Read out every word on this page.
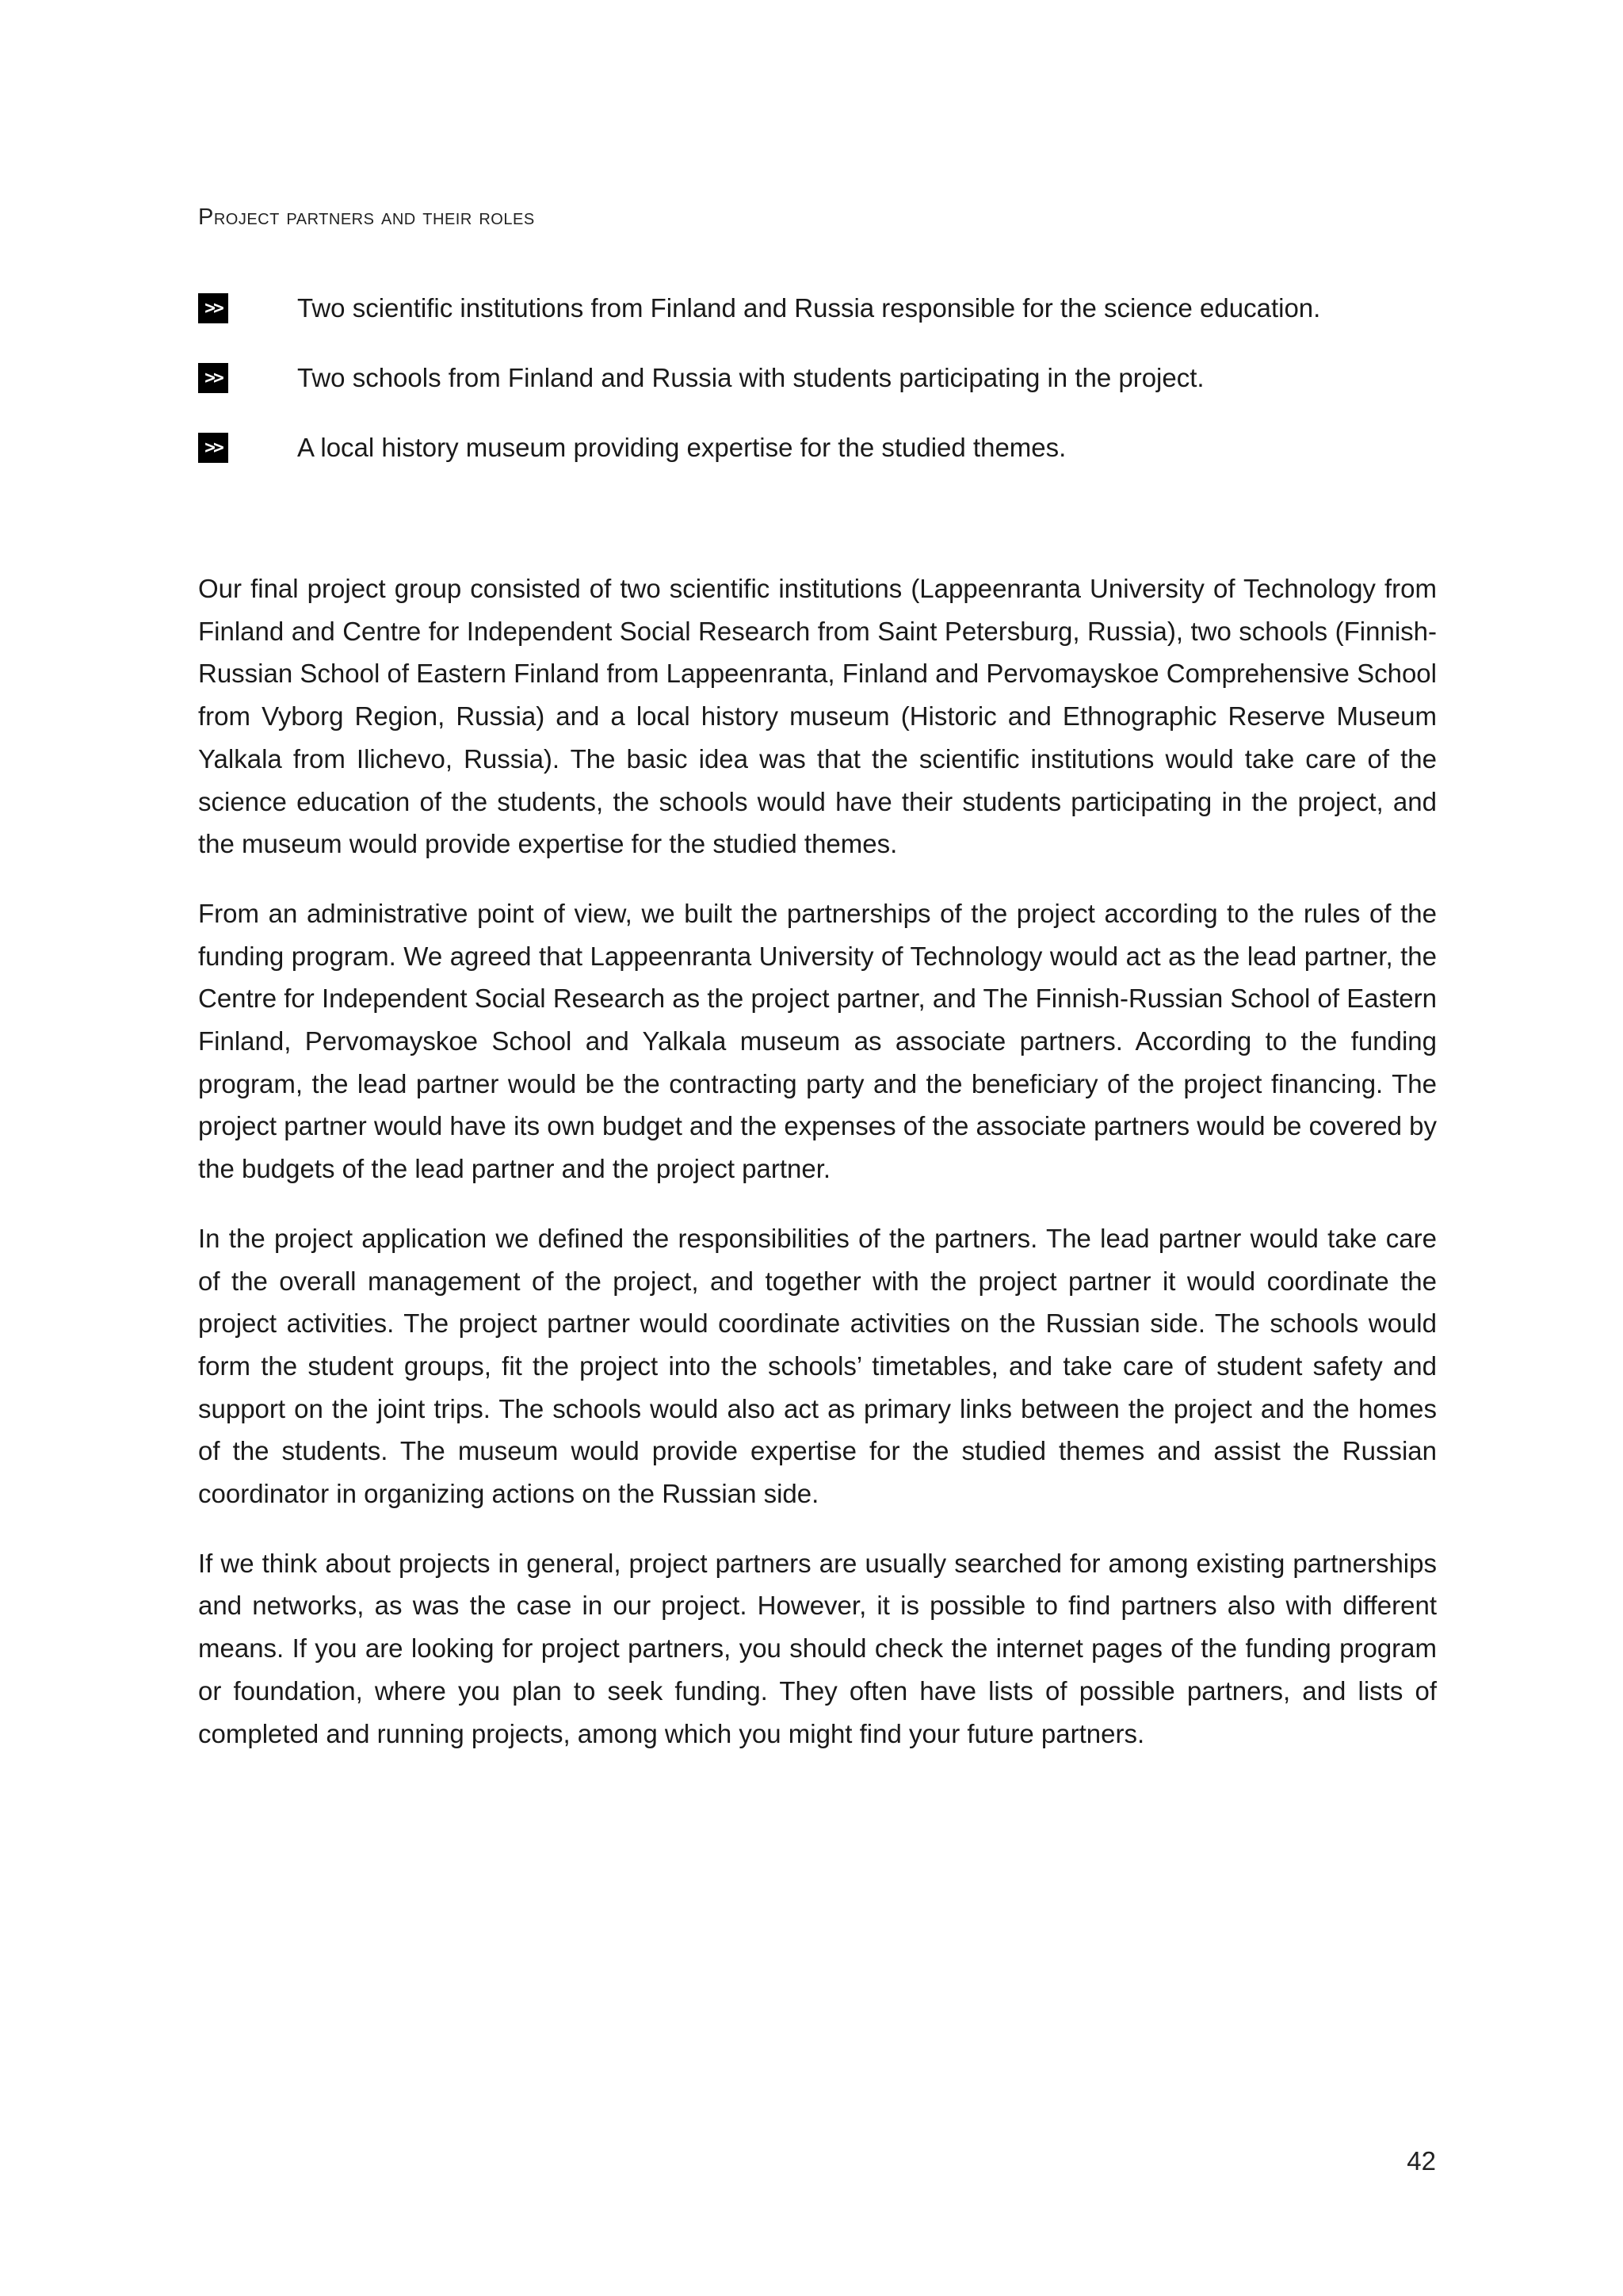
Project partners and their roles
>>	Two scientific institutions from Finland and Russia responsible for the science education.
>>	Two schools from Finland and Russia with students participating in the project.
>>	A local history museum providing expertise for the studied themes.

Our final project group consisted of two scientific institutions (Lappeenranta University of Technology from Finland and Centre for Independent Social Research from Saint Petersburg, Russia), two schools (Finnish-Russian School of Eastern Finland from Lappeenranta, Finland and Pervomayskoe Comprehensive School from Vyborg Region, Russia) and a local history museum (Historic and Ethnographic Reserve Museum Yalkala from Ilichevo, Russia). The basic idea was that the scientific institutions would take care of the science education of the students, the schools would have their students participating in the project, and the museum would provide expertise for the studied themes.

From an administrative point of view, we built the partnerships of the project according to the rules of the funding program. We agreed that Lappeenranta University of Technology would act as the lead partner, the Centre for Independent Social Research as the project partner, and The Finnish-Russian School of Eastern Finland, Pervomayskoe School and Yalkala museum as associate partners. According to the funding program, the lead partner would be the contracting party and the beneficiary of the project financing. The project partner would have its own budget and the expenses of the associate partners would be covered by the budgets of the lead partner and the project partner.

In the project application we defined the responsibilities of the partners. The lead partner would take care of the overall management of the project, and together with the project partner it would coordinate the project activities. The project partner would coordinate activities on the Russian side. The schools would form the student groups, fit the project into the schools’ timetables, and take care of student safety and support on the joint trips. The schools would also act as primary links between the project and the homes of the students. The museum would provide expertise for the studied themes and assist the Russian coordinator in organizing actions on the Russian side.

If we think about projects in general, project partners are usually searched for among existing partnerships and networks, as was the case in our project. However, it is possible to find partners also with different means. If you are looking for project partners, you should check the internet pages of the funding program or foundation, where you plan to seek funding. They often have lists of possible partners, and lists of completed and running projects, among which you might find your future partners.

42
